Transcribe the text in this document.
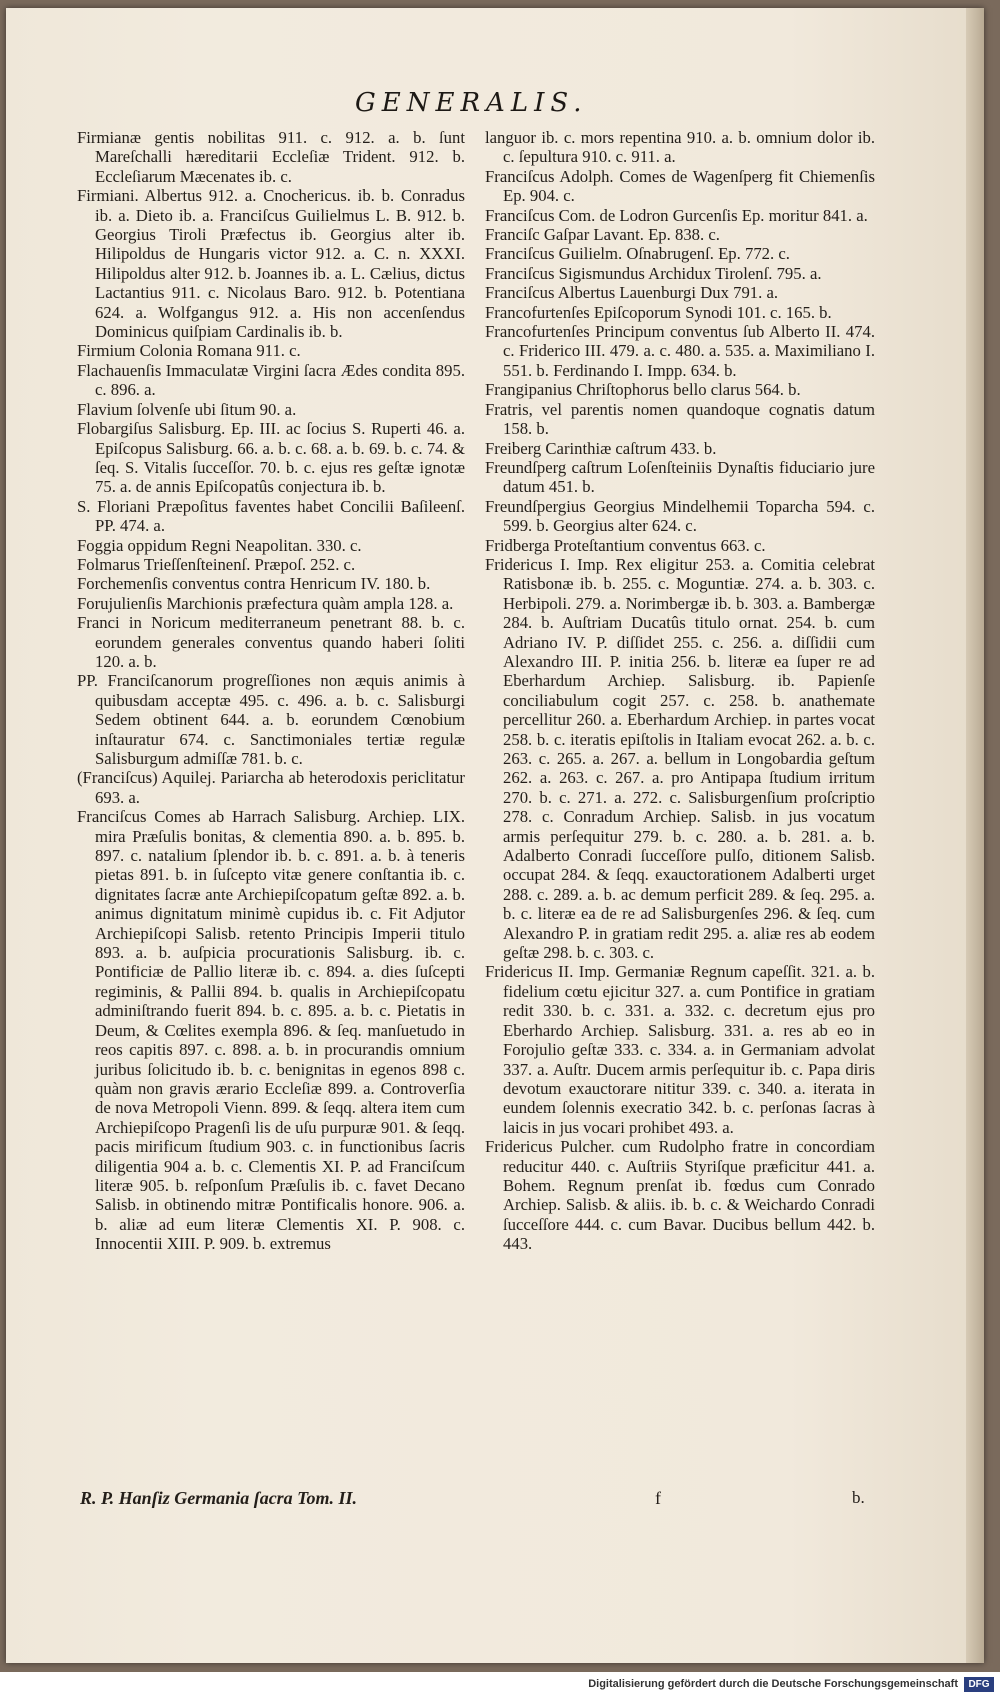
GENERALIS.

Firmianæ gentis nobilitas 911. c. 912. a. b. ſunt Mareſchalli hæreditarii Eccleſiæ Trident. 912. b. Eccleſiarum Mæcenates ib. c.

Firmiani. Albertus 912. a. Cnochericus. ib. b. Conradus ib. a. Dieto ib. a. Franciſcus Guilielmus L. B. 912. b. Georgius Tiroli Præfectus ib. Georgius alter ib. Hilipoldus de Hungaris victor 912. a. C. n. XXXI. Hilipoldus alter 912. b. Joannes ib. a. L. Cælius, dictus Lactantius 911. c. Nicolaus Baro. 912. b. Potentiana 624. a. Wolfgangus 912. a. His non accenſendus Dominicus quiſpiam Cardinalis ib. b.

Firmium Colonia Romana 911. c.

Flachauenſis Immaculatæ Virgini ſacra Ædes condita 895. c. 896. a.

Flavium ſolvenſe ubi ſitum 90. a.

Flobargiſus Salisburg. Ep. III. ac ſocius S. Ruperti 46. a. Epiſcopus Salisburg. 66. a. b. c. 68. a. b. 69. b. c. 74. & ſeq. S. Vitalis ſucceſſor. 70. b. c. ejus res geſtæ ignotæ 75. a. de annis Epiſcopatûs conjectura ib. b.

S. Floriani Præpoſitus faventes habet Concilii Baſileenſ. PP. 474. a.

Foggia oppidum Regni Neapolitan. 330. c.

Folmarus Trieſſenſteinenſ. Præpoſ. 252. c.

Forchemenſis conventus contra Henricum IV. 180. b.

Forujulienſis Marchionis præfectura quàm ampla 128. a.

Franci in Noricum mediterraneum penetrant 88. b. c. eorundem generales conventus quando haberi ſoliti 120. a. b.

PP. Franciſcanorum progreſſiones non æquis animis à quibusdam acceptæ 495. c. 496. a. b. c. Salisburgi Sedem obtinent 644. a. b. eorundem Cœnobium inſtauratur 674. c. Sanctimoniales tertiæ regulæ Salisburgum admiſſæ 781. b. c.

(Franciſcus) Aquilej. Pariarcha ab heterodoxis periclitatur 693. a.

Franciſcus Comes ab Harrach Salisburg. Archiep. LIX. mira Præſulis bonitas, & clementia 890. a. b. 895. b. 897. c. natalium ſplendor ib. b. c. 891. a. b. à teneris pietas 891. b. in ſuſcepto vitæ genere conſtantia ib. c. dignitates ſacræ ante Archiepiſcopatum geſtæ 892. a. b. animus dignitatum minimè cupidus ib. c. Fit Adjutor Archiepiſcopi Salisb. retento Principis Imperii titulo 893. a. b. auſpicia procurationis Salisburg. ib. c. Pontificiæ de Pallio literæ ib. c. 894. a. dies ſuſcepti regiminis, & Pallii 894. b. qualis in Archiepiſcopatu adminiſtrando fuerit 894. b. c. 895. a. b. c. Pietatis in Deum, & Cœlites exempla 896. & ſeq. manſuetudo in reos capitis 897. c. 898. a. b. in procurandis omnium juribus ſolicitudo ib. b. c. benignitas in egenos 898 c. quàm non gravis ærario Eccleſiæ 899. a. Controverſia de nova Metropoli Vienn. 899. & ſeqq. altera item cum Archiepiſcopo Pragenſi lis de uſu purpuræ 901. & ſeqq. pacis mirificum ſtudium 903. c. in functionibus ſacris diligentia 904 a. b. c. Clementis XI. P. ad Franciſcum literæ 905. b. reſponſum Præſulis ib. c. favet Decano Salisb. in obtinendo mitræ Pontificalis honore. 906. a. b. aliæ ad eum literæ Clementis XI. P. 908. c. Innocentii XIII. P. 909. b. extremus

languor ib. c. mors repentina 910. a. b. omnium dolor ib. c. ſepultura 910. c. 911. a.

Franciſcus Adolph. Comes de Wagenſperg fit Chiemenſis Ep. 904. c.

Franciſcus Com. de Lodron Gurcenſis Ep. moritur 841. a.

Franciſc Gaſpar Lavant. Ep. 838. c.

Franciſcus Guilielm. Oſnabrugenſ. Ep. 772. c.

Franciſcus Sigismundus Archidux Tirolenſ. 795. a.

Franciſcus Albertus Lauenburgi Dux 791. a.

Francofurtenſes Epiſcoporum Synodi 101. c. 165. b.

Francofurtenſes Principum conventus ſub Alberto II. 474. c. Friderico III. 479. a. c. 480. a. 535. a. Maximiliano I. 551. b. Ferdinando I. Impp. 634. b.

Frangipanius Chriſtophorus bello clarus 564. b.

Fratris, vel parentis nomen quandoque cognatis datum 158. b.

Freiberg Carinthiæ caſtrum 433. b.

Freundſperg caſtrum Loſenſteiniis Dynaſtis fiduciario jure datum 451. b.

Freundſpergius Georgius Mindelhemii Toparcha 594. c. 599. b. Georgius alter 624. c.

Fridberga Proteſtantium conventus 663. c.

Fridericus I. Imp. Rex eligitur 253. a. Comitia celebrat Ratisbonæ ib. b. 255. c. Moguntiæ. 274. a. b. 303. c. Herbipoli. 279. a. Norimbergæ ib. b. 303. a. Bambergæ 284. b. Auſtriam Ducatûs titulo ornat. 254. b. cum Adriano IV. P. diſſidet 255. c. 256. a. diſſidii cum Alexandro III. P. initia 256. b. literæ ea ſuper re ad Eberhardum Archiep. Salisburg. ib. Papienſe conciliabulum cogit 257. c. 258. b. anathemate percellitur 260. a. Eberhardum Archiep. in partes vocat 258. b. c. iteratis epiſtolis in Italiam evocat 262. a. b. c. 263. c. 265. a. 267. a. bellum in Longobardia geſtum 262. a. 263. c. 267. a. pro Antipapa ſtudium irritum 270. b. c. 271. a. 272. c. Salisburgenſium proſcriptio 278. c. Conradum Archiep. Salisb. in jus vocatum armis perſequitur 279. b. c. 280. a. b. 281. a. b. Adalberto Conradi ſucceſſore pulſo, ditionem Salisb. occupat 284. & ſeqq. exauctorationem Adalberti urget 288. c. 289. a. b. ac demum perficit 289. & ſeq. 295. a. b. c. literæ ea de re ad Salisburgenſes 296. & ſeq. cum Alexandro P. in gratiam redit 295. a. aliæ res ab eodem geſtæ 298. b. c. 303. c.

Fridericus II. Imp. Germaniæ Regnum capeſſit. 321. a. b. fidelium cœtu ejicitur 327. a. cum Pontifice in gratiam redit 330. b. c. 331. a. 332. c. decretum ejus pro Eberhardo Archiep. Salisburg. 331. a. res ab eo in Forojulio geſtæ 333. c. 334. a. in Germaniam advolat 337. a. Auſtr. Ducem armis perſequitur ib. c. Papa diris devotum exauctorare nititur 339. c. 340. a. iterata in eundem ſolennis execratio 342. b. c. perſonas ſacras à laicis in jus vocari prohibet 493. a.

Fridericus Pulcher. cum Rudolpho fratre in concordiam reducitur 440. c. Auſtriis Styriſque præficitur 441. a. Bohem. Regnum prenſat ib. fœdus cum Conrado Archiep. Salisb. & aliis. ib. b. c. & Weichardo Conradi ſucceſſore 444. c. cum Bavar. Ducibus bellum 442. b. 443.

R. P. Hanſiz Germania ſacra Tom. II.	f	b.
Digitalisierung gefördert durch die Deutsche Forschungsgemeinschaft	DFG
